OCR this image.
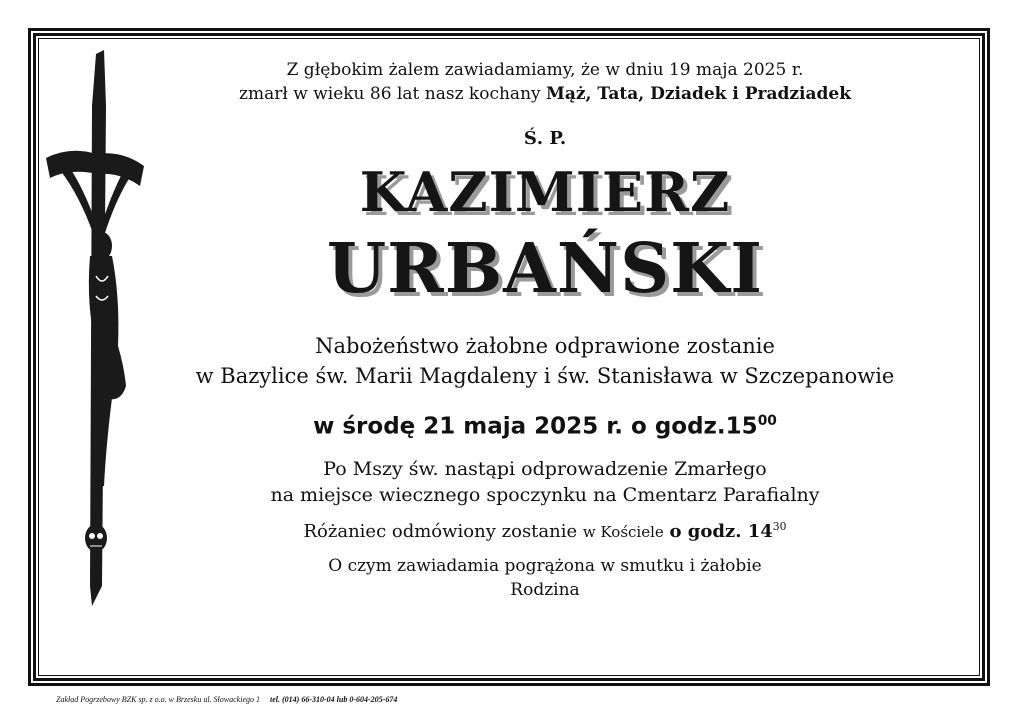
Z głębokim żalem zawiadamiamy, że w dniu 19 maja 2025 r.
zmarł w wieku 86 lat nasz kochany Mąż, Tata, Dziadek i Pradziadek
Ś. P.
KAZIMIERZ
URBAŃSKI
Nabożeństwo żałobne odprawione zostanie
w Bazylice św. Marii Magdaleny i św. Stanisława w Szczepanowie
w środę 21 maja 2025 r. o $godz.15^{00}$
Po Mszy św. nastąpi odprowadzenie Zmarłego
na miejsce wiecznego spoczynku na Cmentarz Parafialny
Różaniec odmówiony zostanie w Kościele o godz. $14^{30}$
O czym zawiadamia pogrążona w smutku i żałobie
Rodzina
Zakład Pogrzebowy BZK sp. z o.o. w Brzesku ul. Słowackiego 1 tel. (014) 66-310-04 lub 0-604-205-674
